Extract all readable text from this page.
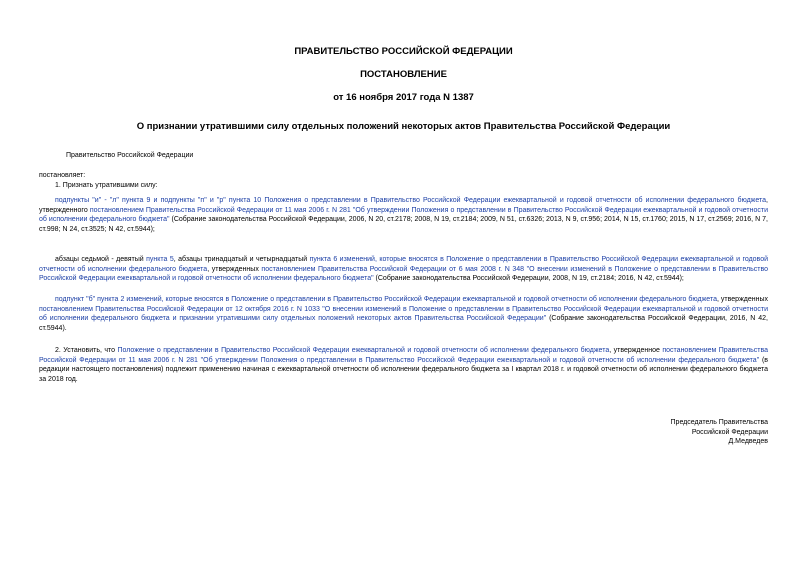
ПРАВИТЕЛЬСТВО РОССИЙСКОЙ ФЕДЕРАЦИИ
ПОСТАНОВЛЕНИЕ
от 16 ноября 2017 года N 1387
О признании утратившими силу отдельных положений некоторых актов Правительства Российской Федерации
Правительство Российской Федерации
постановляет:
1. Признать утратившими силу:
подпункты "и" - "л" пункта 9 и подпункты "п" и "р" пункта 10 Положения о представлении в Правительство Российской Федерации ежеквартальной и годовой отчетности об исполнении федерального бюджета, утвержденного постановлением Правительства Российской Федерации от 11 мая 2006 г. N 281 "Об утверждении Положения о представлении в Правительство Российской Федерации ежеквартальной и годовой отчетности об исполнении федерального бюджета" (Собрание законодательства Российской Федерации, 2006, N 20, ст.2178; 2008, N 19, ст.2184; 2009, N 51, ст.6326; 2013, N 9, ст.956; 2014, N 15, ст.1760; 2015, N 17, ст.2569; 2016, N 7, ст.998; N 24, ст.3525; N 42, ст.5944);
абзацы седьмой - девятый пункта 5, абзацы тринадцатый и четырнадцатый пункта 6 изменений, которые вносятся в Положение о представлении в Правительство Российской Федерации ежеквартальной и годовой отчетности об исполнении федерального бюджета, утвержденных постановлением Правительства Российской Федерации от 6 мая 2008 г. N 348 "О внесении изменений в Положение о представлении в Правительство Российской Федерации ежеквартальной и годовой отчетности об исполнении федерального бюджета" (Собрание законодательства Российской Федерации, 2008, N 19, ст.2184; 2016, N 42, ст.5944);
подпункт "б" пункта 2 изменений, которые вносятся в Положение о представлении в Правительство Российской Федерации ежеквартальной и годовой отчетности об исполнении федерального бюджета, утвержденных постановлением Правительства Российской Федерации от 12 октября 2016 г. N 1033 "О внесении изменений в Положение о представлении в Правительство Российской Федерации ежеквартальной и годовой отчетности об исполнении федерального бюджета и признании утратившими силу отдельных положений некоторых актов Правительства Российской Федерации" (Собрание законодательства Российской Федерации, 2016, N 42, ст.5944).
2. Установить, что Положение о представлении в Правительство Российской Федерации ежеквартальной и годовой отчетности об исполнении федерального бюджета, утвержденное постановлением Правительства Российской Федерации от 11 мая 2006 г. N 281 "Об утверждении Положения о представлении в Правительство Российской Федерации ежеквартальной и годовой отчетности об исполнении федерального бюджета" (в редакции настоящего постановления) подлежит применению начиная с ежеквартальной отчетности об исполнении федерального бюджета за I квартал 2018 г. и годовой отчетности об исполнении федерального бюджета за 2018 год.
Председатель Правительства
Российской Федерации
Д.Медведев
